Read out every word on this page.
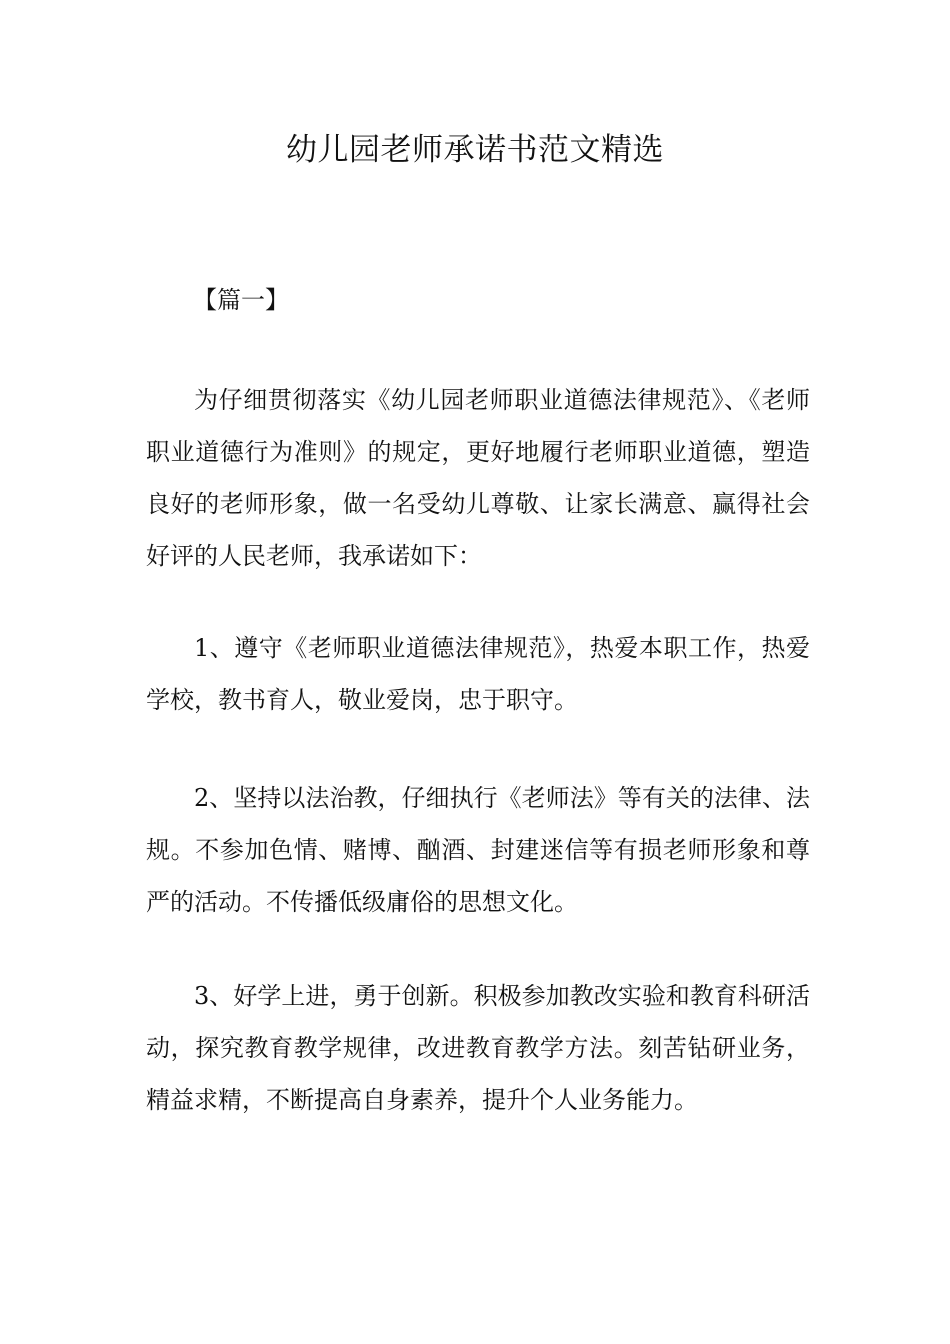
幼儿园老师承诺书范文精选

【篇一】

为仔细贯彻落实《幼儿园老师职业道德法律规范》、《老师职业道德行为准则》的规定，更好地履行老师职业道德，塑造良好的老师形象，做一名受幼儿尊敬、让家长满意、赢得社会好评的人民老师，我承诺如下：

1、遵守《老师职业道德法律规范》，热爱本职工作，热爱学校，教书育人，敬业爱岗，忠于职守。

2、坚持以法治教，仔细执行《老师法》等有关的法律、法规。不参加色情、赌博、酗酒、封建迷信等有损老师形象和尊严的活动。不传播低级庸俗的思想文化。

3、好学上进，勇于创新。积极参加教改实验和教育科研活动，探究教育教学规律，改进教育教学方法。刻苦钻研业务，精益求精，不断提高自身素养，提升个人业务能力。
